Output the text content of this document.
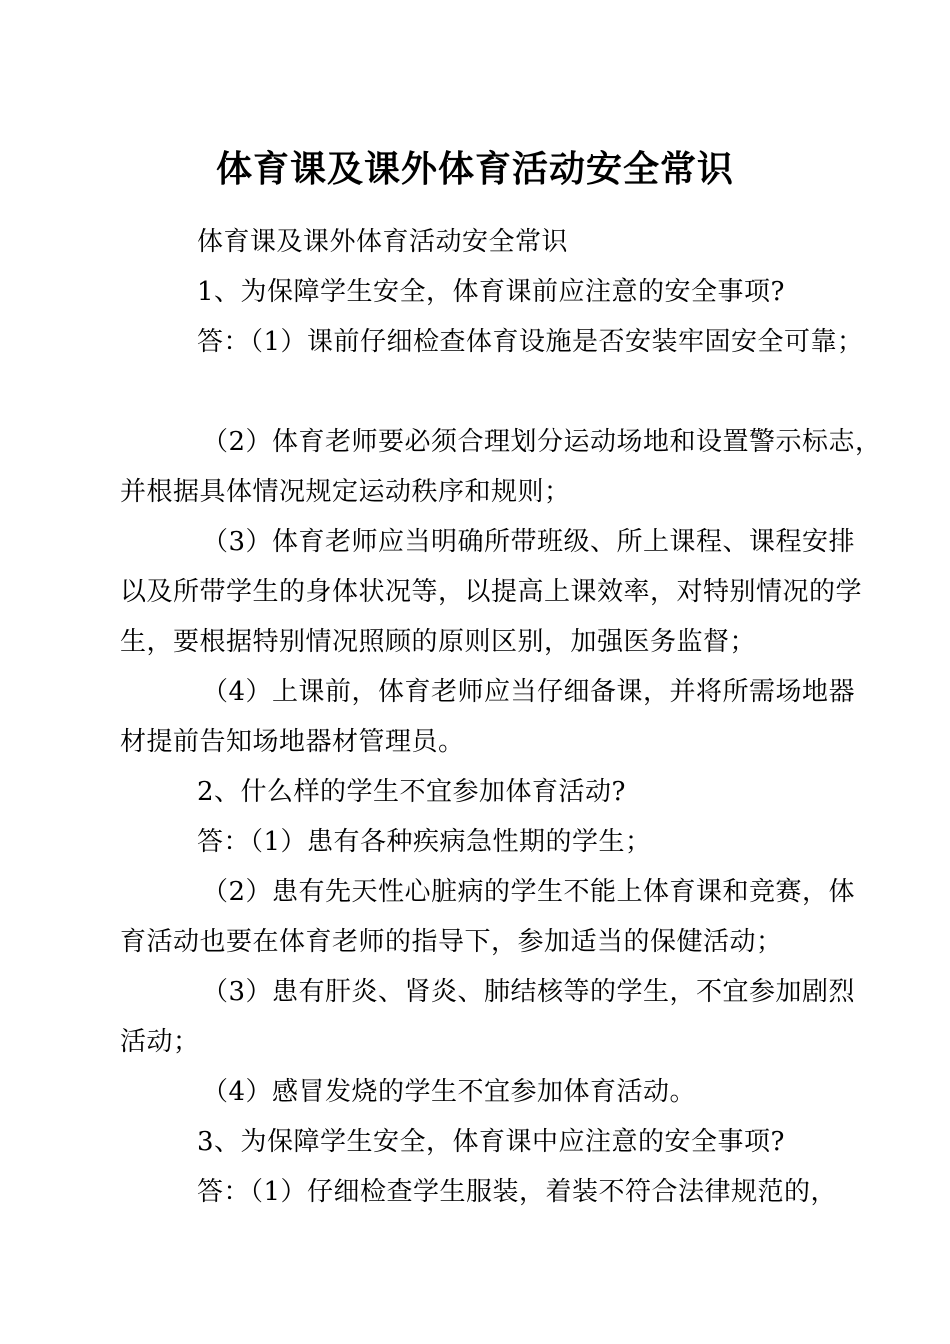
体育课及课外体育活动安全常识
体育课及课外体育活动安全常识
1、为保障学生安全，体育课前应注意的安全事项?
答：（1）课前仔细检查体育设施是否安装牢固安全可靠；
（2）体育老师要必须合理划分运动场地和设置警示标志，
并根据具体情况规定运动秩序和规则；
（3）体育老师应当明确所带班级、所上课程、课程安排
以及所带学生的身体状况等，以提高上课效率，对特别情况的学
生，要根据特别情况照顾的原则区别，加强医务监督；
（4）上课前，体育老师应当仔细备课，并将所需场地器
材提前告知场地器材管理员。
2、什么样的学生不宜参加体育活动?
答：（1）患有各种疾病急性期的学生；
（2）患有先天性心脏病的学生不能上体育课和竞赛，体
育活动也要在体育老师的指导下，参加适当的保健活动；
（3）患有肝炎、肾炎、肺结核等的学生，不宜参加剧烈
活动；
（4）感冒发烧的学生不宜参加体育活动。
3、为保障学生安全，体育课中应注意的安全事项?
答：（1）仔细检查学生服装，着装不符合法律规范的，
